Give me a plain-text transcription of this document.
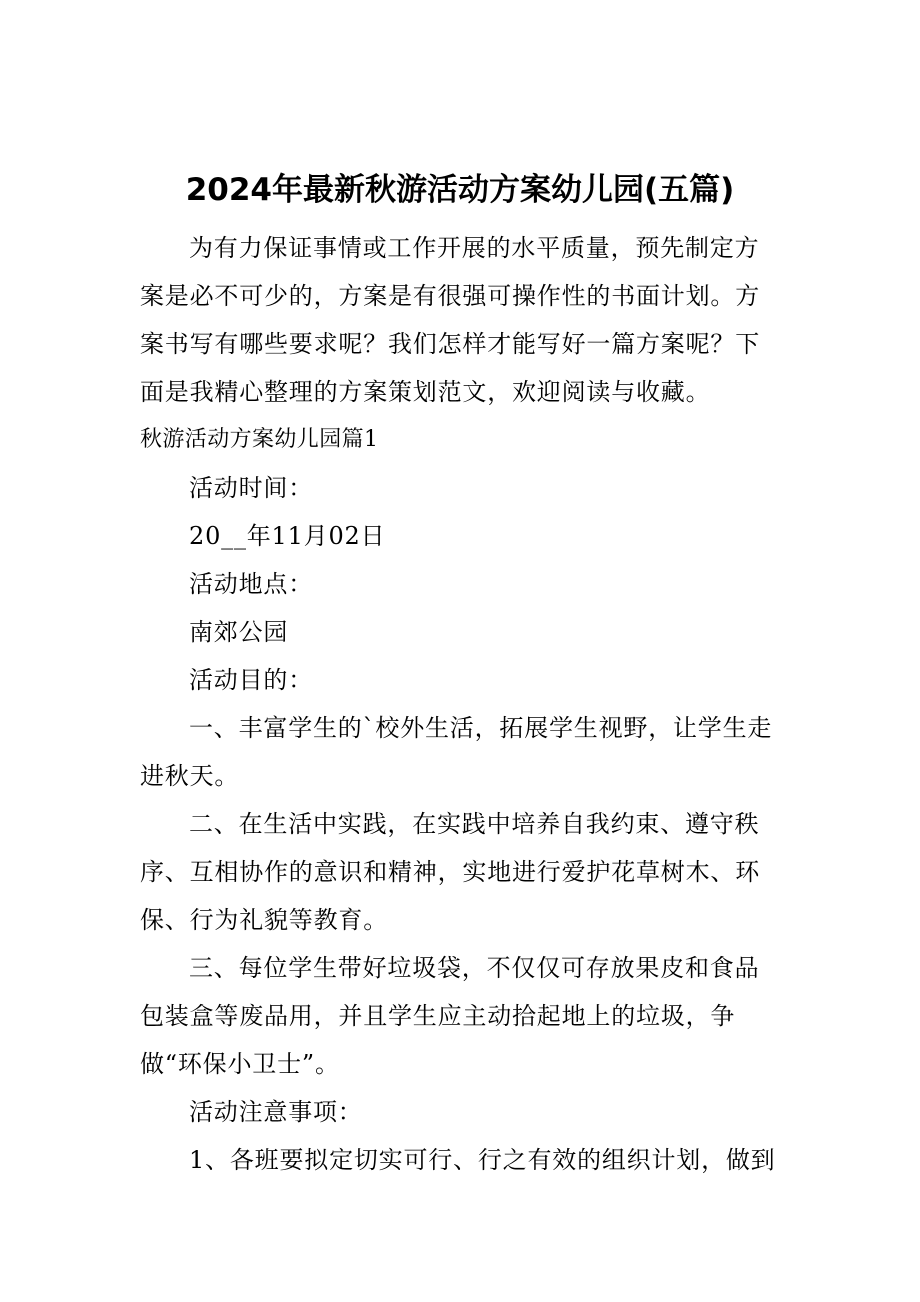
2024年最新秋游活动方案幼儿园(五篇)

为有力保证事情或工作开展的水平质量，预先制定方案是必不可少的，方案是有很强可操作性的书面计划。方案书写有哪些要求呢？我们怎样才能写好一篇方案呢？下面是我精心整理的方案策划范文，欢迎阅读与收藏。

秋游活动方案幼儿园篇1

活动时间：

20__年11月02日

活动地点：

南郊公园

活动目的：

一、丰富学生的`校外生活，拓展学生视野，让学生走进秋天。

二、在生活中实践，在实践中培养自我约束、遵守秩序、互相协作的意识和精神，实地进行爱护花草树木、环保、行为礼貌等教育。

三、每位学生带好垃圾袋，不仅仅可存放果皮和食品包装盒等废品用，并且学生应主动拾起地上的垃圾，争做“环保小卫士”。

活动注意事项：

1、各班要拟定切实可行、行之有效的组织计划，做到
